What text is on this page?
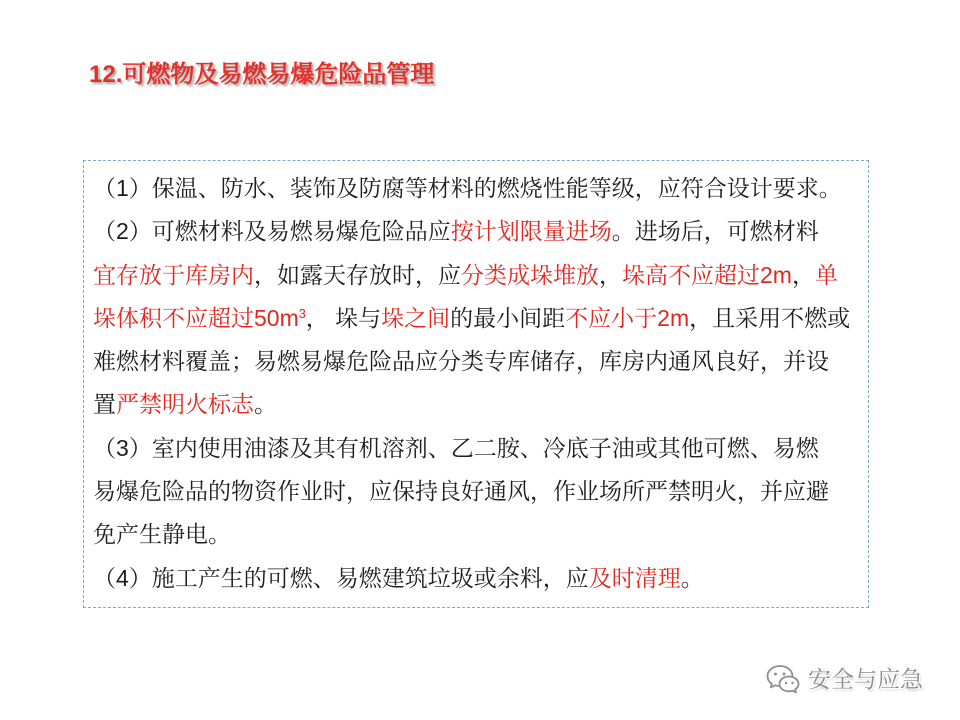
12.可燃物及易燃易爆危险品管理
（1）保温、防水、装饰及防腐等材料的燃烧性能等级，应符合设计要求。
（2）可燃材料及易燃易爆危险品应按计划限量进场。进场后，可燃材料
宜存放于库房内，如露天存放时，应分类成垛堆放，垛高不应超过2m，单
垛体积不应超过$50m^3$， 垛与垛之间的最小间距不应小于2m，且采用不燃或
难燃材料覆盖；易燃易爆危险品应分类专库储存，库房内通风良好，并设
置严禁明火标志。
（3）室内使用油漆及其有机溶剂、乙二胺、冷底子油或其他可燃、易燃
易爆危险品的物资作业时，应保持良好通风，作业场所严禁明火，并应避
免产生静电。
（4）施工产生的可燃、易燃建筑垃圾或余料，应及时清理。
安全与应急
